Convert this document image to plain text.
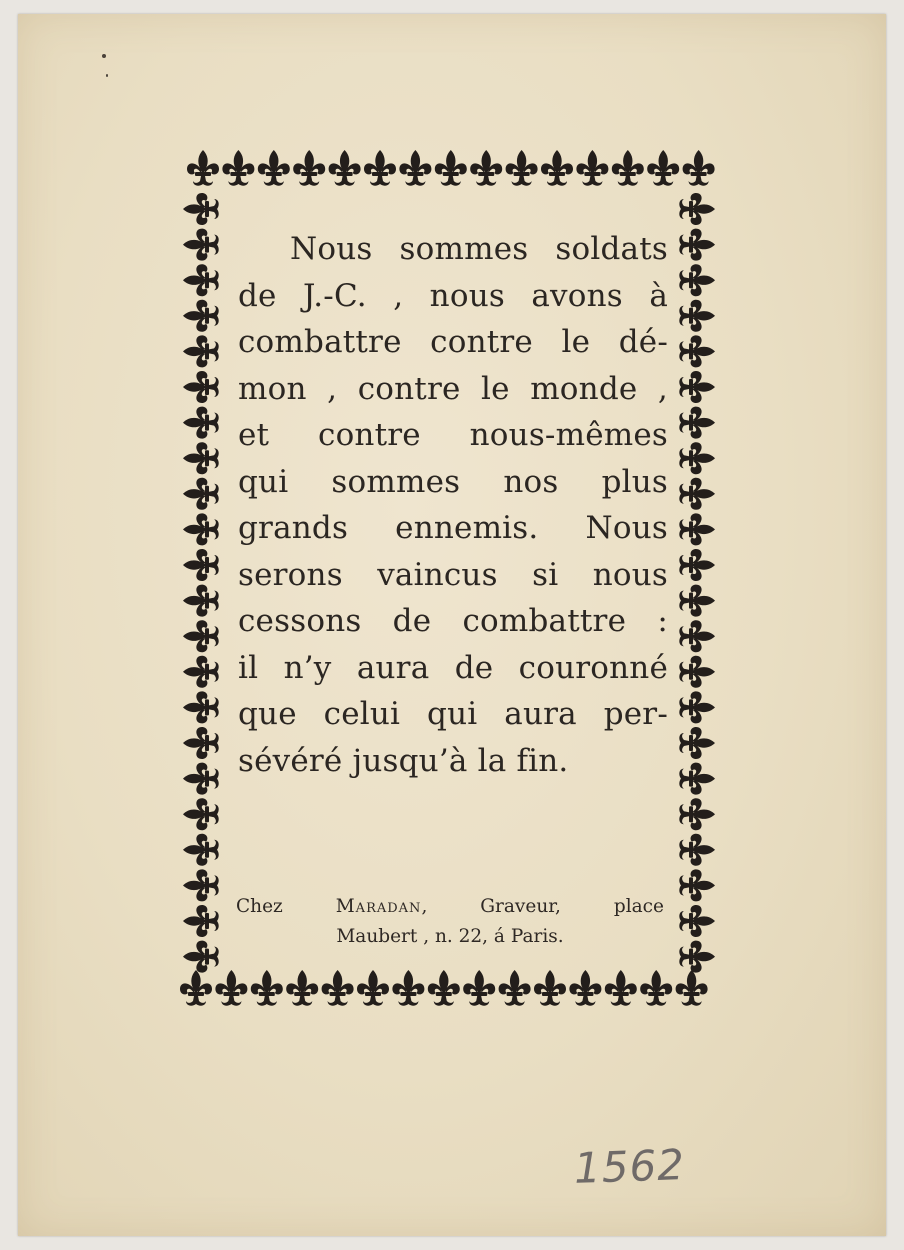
Nous sommes soldats
de J.-C. , nous avons à
combattre contre le dé-
mon , contre le monde ,
et contre nous-mêmes
qui sommes nos plus
grands ennemis. Nous
serons vaincus si nous
cessons de combattre :
il n’y aura de couronné
que celui qui aura per-
sévéré jusqu’à la fin.
Chez	Maradan, Graveur, place
Maubert , n. 22, á Paris.
1562
